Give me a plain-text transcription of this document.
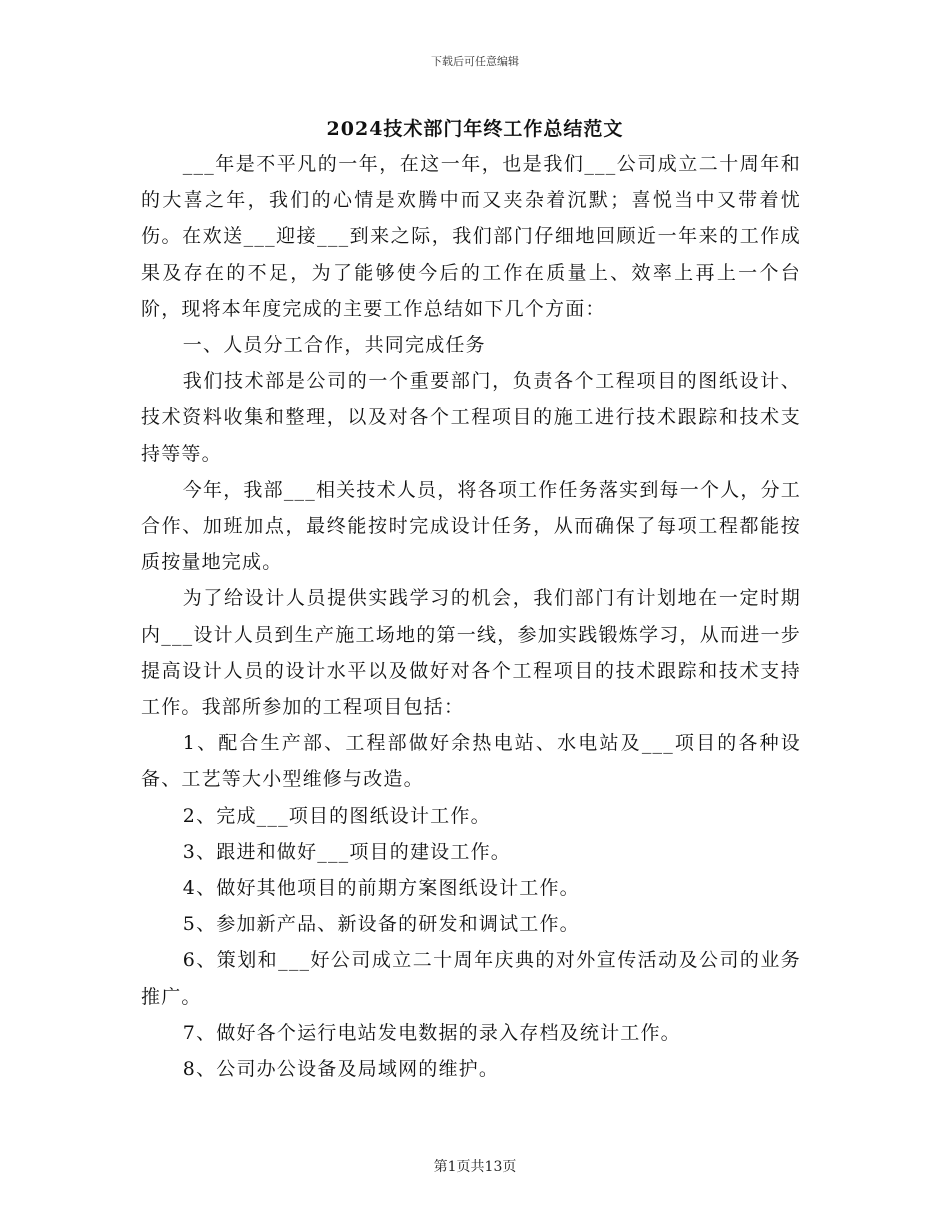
下载后可任意编辑
2024技术部门年终工作总结范文

___年是不平凡的一年，在这一年，也是我们___公司成立二十周年和的大喜之年，我们的心情是欢腾中而又夹杂着沉默；喜悦当中又带着忧伤。在欢送___迎接___到来之际，我们部门仔细地回顾近一年来的工作成果及存在的不足，为了能够使今后的工作在质量上、效率上再上一个台阶，现将本年度完成的主要工作总结如下几个方面：

一、人员分工合作，共同完成任务

我们技术部是公司的一个重要部门，负责各个工程项目的图纸设计、技术资料收集和整理，以及对各个工程项目的施工进行技术跟踪和技术支持等等。

今年，我部___相关技术人员，将各项工作任务落实到每一个人，分工合作、加班加点，最终能按时完成设计任务，从而确保了每项工程都能按质按量地完成。

为了给设计人员提供实践学习的机会，我们部门有计划地在一定时期内___设计人员到生产施工场地的第一线，参加实践锻炼学习，从而进一步提高设计人员的设计水平以及做好对各个工程项目的技术跟踪和技术支持工作。我部所参加的工程项目包括：

1、配合生产部、工程部做好余热电站、水电站及___项目的各种设备、工艺等大小型维修与改造。

2、完成___项目的图纸设计工作。

3、跟进和做好___项目的建设工作。

4、做好其他项目的前期方案图纸设计工作。

5、参加新产品、新设备的研发和调试工作。

6、策划和___好公司成立二十周年庆典的对外宣传活动及公司的业务推广。

7、做好各个运行电站发电数据的录入存档及统计工作。

8、公司办公设备及局域网的维护。

第1页共13页
